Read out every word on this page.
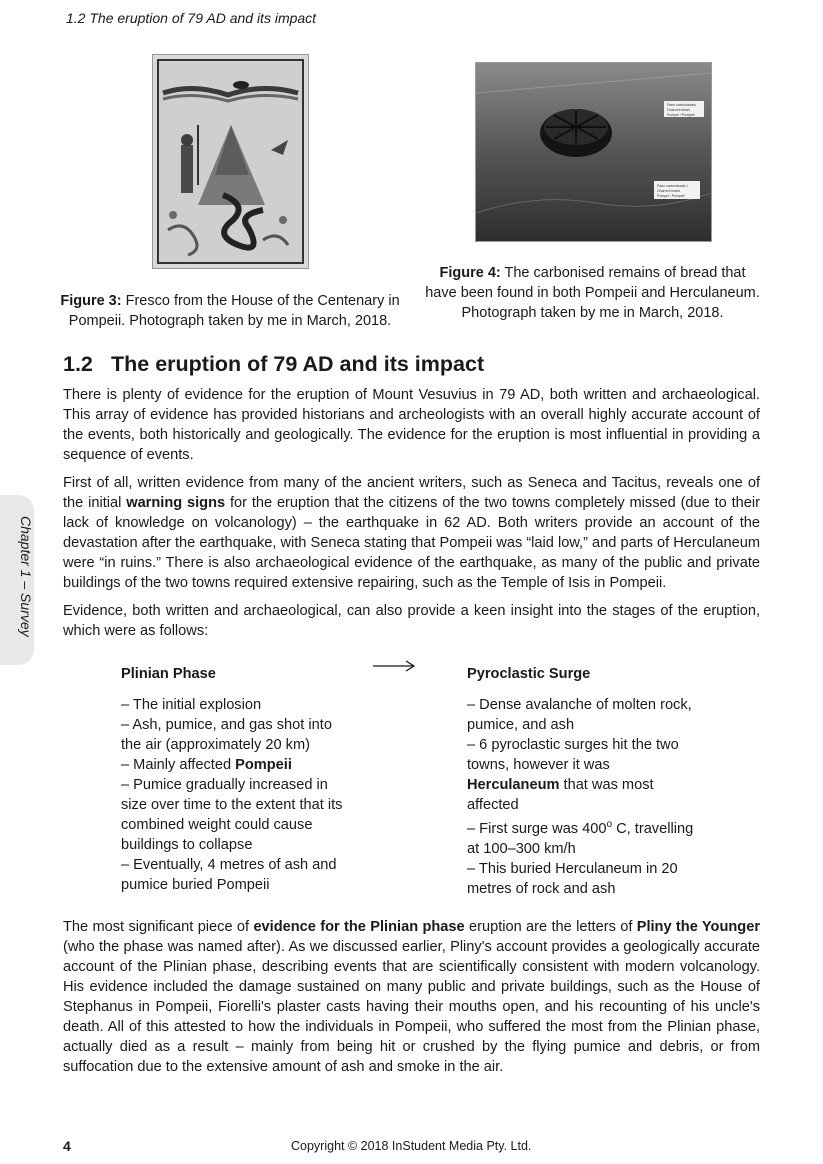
1.2 The eruption of 79 AD and its impact
Pane carbonizzato
Charred bread
Pompei / Pompeii
Pane carbonizzato /
Charred bread
Pompei / Pompeii
Figure 3: Fresco from the House of the Centenary in Pompeii. Photograph taken by me in March, 2018.
Figure 4: The carbonised remains of bread that have been found in both Pompeii and Herculaneum. Photograph taken by me in March, 2018.
1.2 The eruption of 79 AD and its impact
There is plenty of evidence for the eruption of Mount Vesuvius in 79 AD, both written and archaeological. This array of evidence has provided historians and archeologists with an overall highly accurate account of the events, both historically and geologically. The evidence for the eruption is most influential in providing a sequence of events.
First of all, written evidence from many of the ancient writers, such as Seneca and Tacitus, reveals one of the initial warning signs for the eruption that the citizens of the two towns completely missed (due to their lack of knowledge on volcanology) – the earthquake in 62 AD. Both writers provide an account of the devastation after the earthquake, with Seneca stating that Pompeii was “laid low,” and parts of Herculaneum were “in ruins.” There is also archaeological evidence of the earthquake, as many of the public and private buildings of the two towns required extensive repairing, such as the Temple of Isis in Pompeii.
Evidence, both written and archaeological, can also provide a keen insight into the stages of the eruption, which were as follows:
Plinian Phase	Pyroclastic Surge
– The initial explosion
– Ash, pumice, and gas shot into
the air (approximately 20 km)
– Mainly affected Pompeii
– Pumice gradually increased in
size over time to the extent that its
combined weight could cause
buildings to collapse
– Eventually, 4 metres of ash and
pumice buried Pompeii
– Dense avalanche of molten rock,
pumice, and ash
– 6 pyroclastic surges hit the two
towns, however it was
Herculaneum that was most
affected
– First surge was 400$^o$ C, travelling
at 100–300 km/h
– This buried Herculaneum in 20
metres of rock and ash
The most significant piece of evidence for the Plinian phase eruption are the letters of Pliny the Younger (who the phase was named after). As we discussed earlier, Pliny's account provides a geologically accurate account of the Plinian phase, describing events that are scientifically consistent with modern volcanology. His evidence included the damage sustained on many public and private buildings, such as the House of Stephanus in Pompeii, Fiorelli's plaster casts having their mouths open, and his recounting of his uncle's death. All of this attested to how the individuals in Pompeii, who suffered the most from the Plinian phase, actually died as a result – mainly from being hit or crushed by the flying pumice and debris, or from suffocation due to the extensive amount of ash and smoke in the air.
Chapter 1 – Survey
4	Copyright © 2018 InStudent Media Pty. Ltd.
